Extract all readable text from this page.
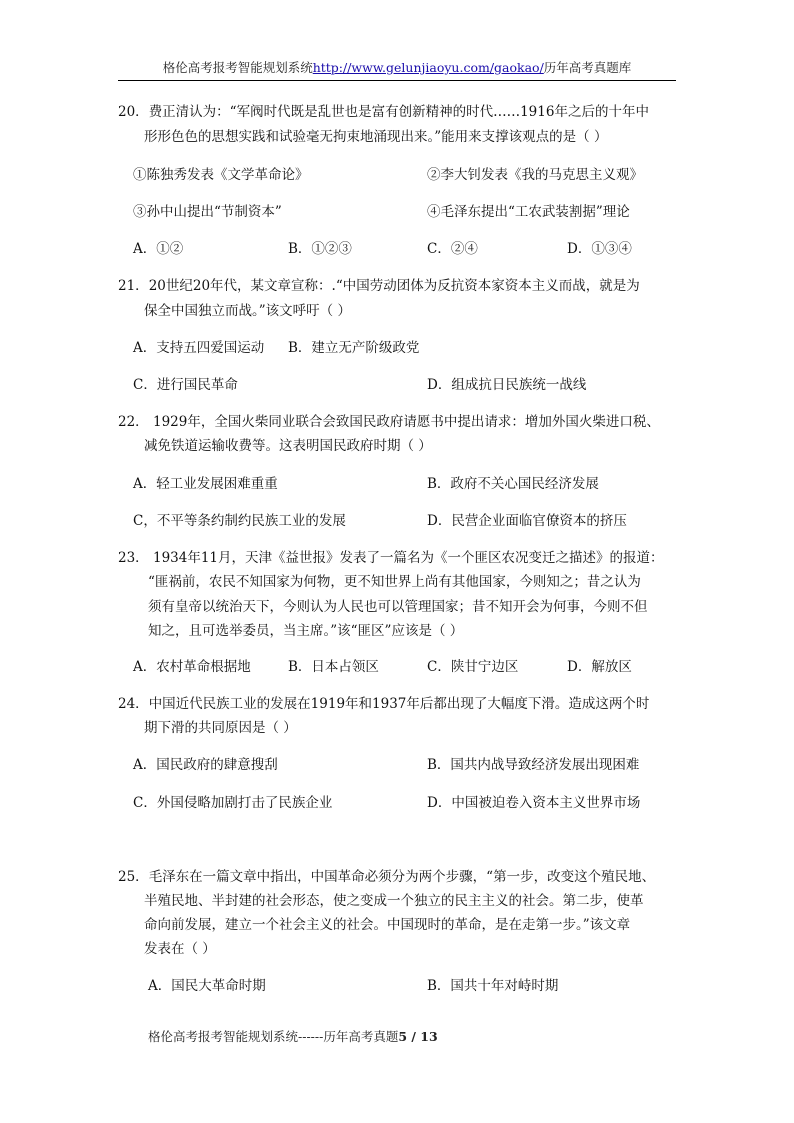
格伦高考报考智能规划系统http://www.gelunjiaoyu.com/gaokao/历年高考真题库
20．费正清认为：“军阀时代既是乱世也是富有创新精神的时代……1916年之后的十年中
形形色色的思想实践和试验毫无拘束地涌现出来。”能用来支撑该观点的是（ ）
①陈独秀发表《文学革命论》	②李大钊发表《我的马克思主义观》
③孙中山提出“节制资本”	④毛泽东提出“工农武装割据”理论
A．①②	B．①②③	C．②④	D．①③④
21．20世纪20年代，某文章宣称：.“中国劳动团体为反抗资本家资本主义而战，就是为
保全中国独立而战。”该文呼吁（ ）
A．支持五四爱国运动 B．建立无产阶级政党
C．进行国民革命	D．组成抗日民族统一战线
22． 1929年，全国火柴同业联合会致国民政府请愿书中提出请求：增加外国火柴进口税、
减免铁道运输收费等。这表明国民政府时期（ ）
A．轻工业发展困难重重	B．政府不关心国民经济发展
C，不平等条约制约民族工业的发展	D．民营企业面临官僚资本的挤压
23． 1934年11月，天津《益世报》发表了一篇名为《一个匪区农况变迁之描述》的报道：
“匪祸前，农民不知国家为何物，更不知世界上尚有其他国家，今则知之；昔之认为
须有皇帝以统治天下，今则认为人民也可以管理国家；昔不知开会为何事，今则不但
知之，且可选举委员，当主席。”该“匪区”应该是（ ）
A．农村革命根据地	B．日本占领区	C．陕甘宁边区	D．解放区
24．中国近代民族工业的发展在1919年和1937年后都出现了大幅度下滑。造成这两个时
期下滑的共同原因是（ ）
A．国民政府的肆意搜刮	B．国共内战导致经济发展出现困难
C．外国侵略加剧打击了民族企业	D．中国被迫卷入资本主义世界市场
25．毛泽东在一篇文章中指出，中国革命必须分为两个步骤，“第一步，改变这个殖民地、
半殖民地、半封建的社会形态，使之变成一个独立的民主主义的社会。第二步，使革
命向前发展，建立一个社会主义的社会。中国现时的革命，是在走第一步。”该文章
发表在（ ）
A．国民大革命时期	B．国共十年对峙时期
格伦高考报考智能规划系统------历年高考真题5 / 13
